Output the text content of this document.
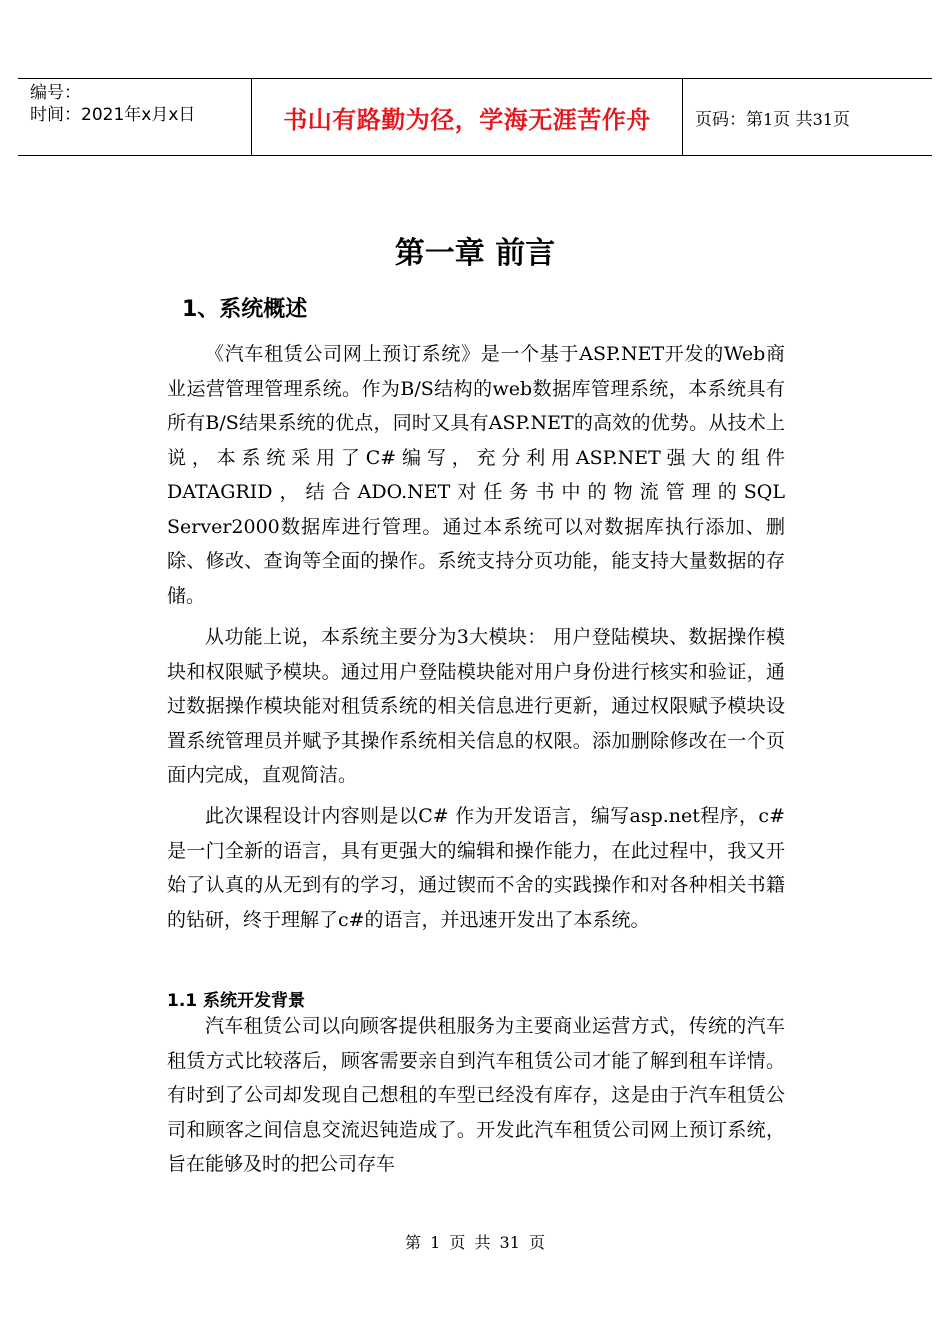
编号：
时间：2021年x月x日	书山有路勤为径，学海无涯苦作舟	页码：第1页 共31页
第一章 前言
1、系统概述

《汽车租赁公司网上预订系统》是一个基于ASP.NET开发的Web商业运营管理管理系统。作为B/S结构的web数据库管理系统，本系统具有所有B/S结果系统的优点，同时又具有ASP.NET的高效的优势。从技术上说，本系统采用了C#编写，充分利用ASP.NET强大的组件DATAGRID，结合ADO.NET对任务书中的物流管理的SQL Server2000数据库进行管理。通过本系统可以对数据库执行添加、删除、修改、查询等全面的操作。系统支持分页功能，能支持大量数据的存储。

从功能上说，本系统主要分为3大模块： 用户登陆模块、数据操作模块和权限赋予模块。通过用户登陆模块能对用户身份进行核实和验证，通过数据操作模块能对租赁系统的相关信息进行更新，通过权限赋予模块设置系统管理员并赋予其操作系统相关信息的权限。添加删除修改在一个页面内完成，直观简洁。

此次课程设计内容则是以C# 作为开发语言，编写asp.net程序，c#是一门全新的语言，具有更强大的编辑和操作能力，在此过程中，我又开始了认真的从无到有的学习，通过锲而不舍的实践操作和对各种相关书籍的钻研，终于理解了c#的语言，并迅速开发出了本系统。

1.1 系统开发背景

汽车租赁公司以向顾客提供租服务为主要商业运营方式，传统的汽车租赁方式比较落后，顾客需要亲自到汽车租赁公司才能了解到租车详情。有时到了公司却发现自己想租的车型已经没有库存，这是由于汽车租赁公司和顾客之间信息交流迟钝造成了。开发此汽车租赁公司网上预订系统，旨在能够及时的把公司存车

第 1 页 共 31 页
